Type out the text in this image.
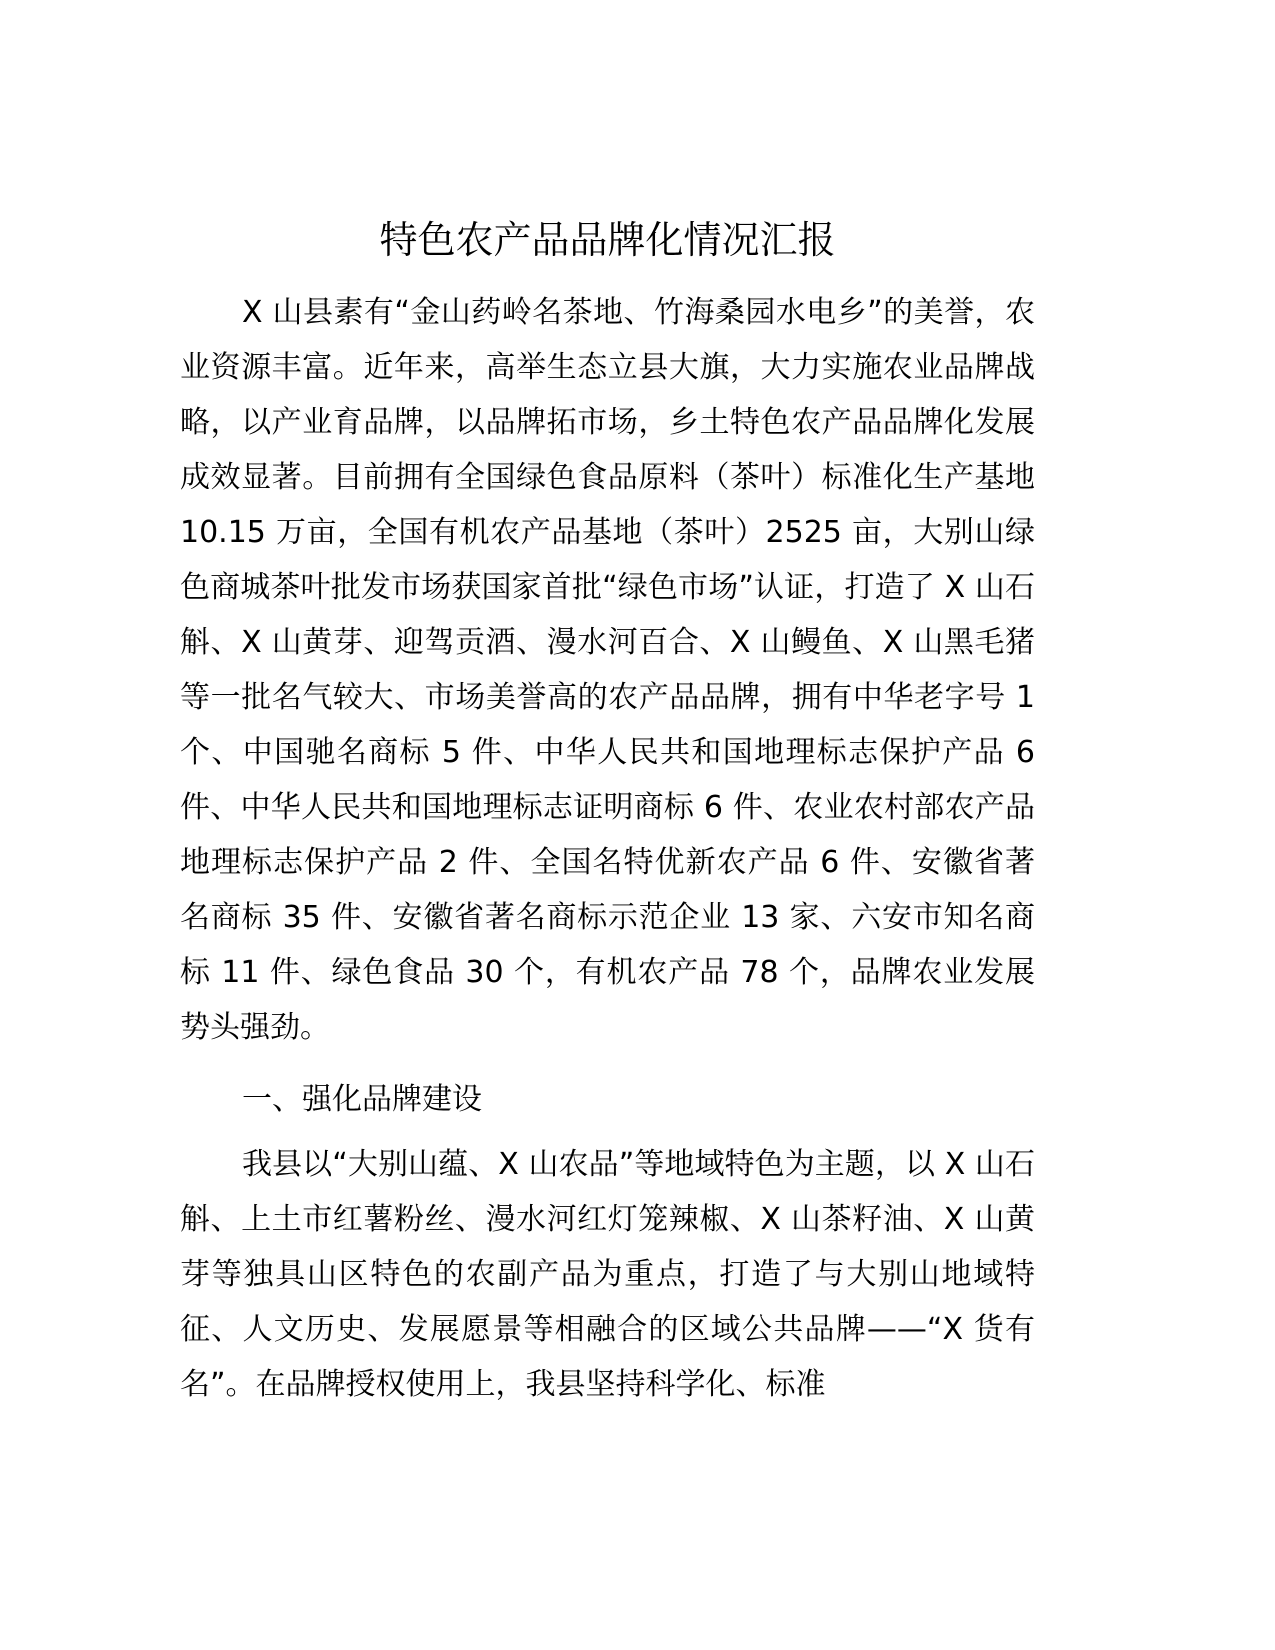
特色农产品品牌化情况汇报

X 山县素有“金山药岭名茶地、竹海桑园水电乡”的美誉，农业资源丰富。近年来，高举生态立县大旗，大力实施农业品牌战略，以产业育品牌，以品牌拓市场，乡土特色农产品品牌化发展成效显著。目前拥有全国绿色食品原料（茶叶）标准化生产基地 10.15 万亩，全国有机农产品基地（茶叶）2525 亩，大别山绿色商城茶叶批发市场获国家首批“绿色市场”认证，打造了 X 山石斛、X 山黄芽、迎驾贡酒、漫水河百合、X 山鳗鱼、X 山黑毛猪等一批名气较大、市场美誉高的农产品品牌，拥有中华老字号 1 个、中国驰名商标 5 件、中华人民共和国地理标志保护产品 6 件、中华人民共和国地理标志证明商标 6 件、农业农村部农产品地理标志保护产品 2 件、全国名特优新农产品 6 件、安徽省著名商标 35 件、安徽省著名商标示范企业 13 家、六安市知名商标 11 件、绿色食品 30 个，有机农产品 78 个，品牌农业发展势头强劲。

一、强化品牌建设

我县以“大别山蕴、X 山农品”等地域特色为主题，以 X 山石斛、上土市红薯粉丝、漫水河红灯笼辣椒、X 山茶籽油、X 山黄芽等独具山区特色的农副产品为重点，打造了与大别山地域特征、人文历史、发展愿景等相融合的区域公共品牌——“X 货有名”。在品牌授权使用上，我县坚持科学化、标准
